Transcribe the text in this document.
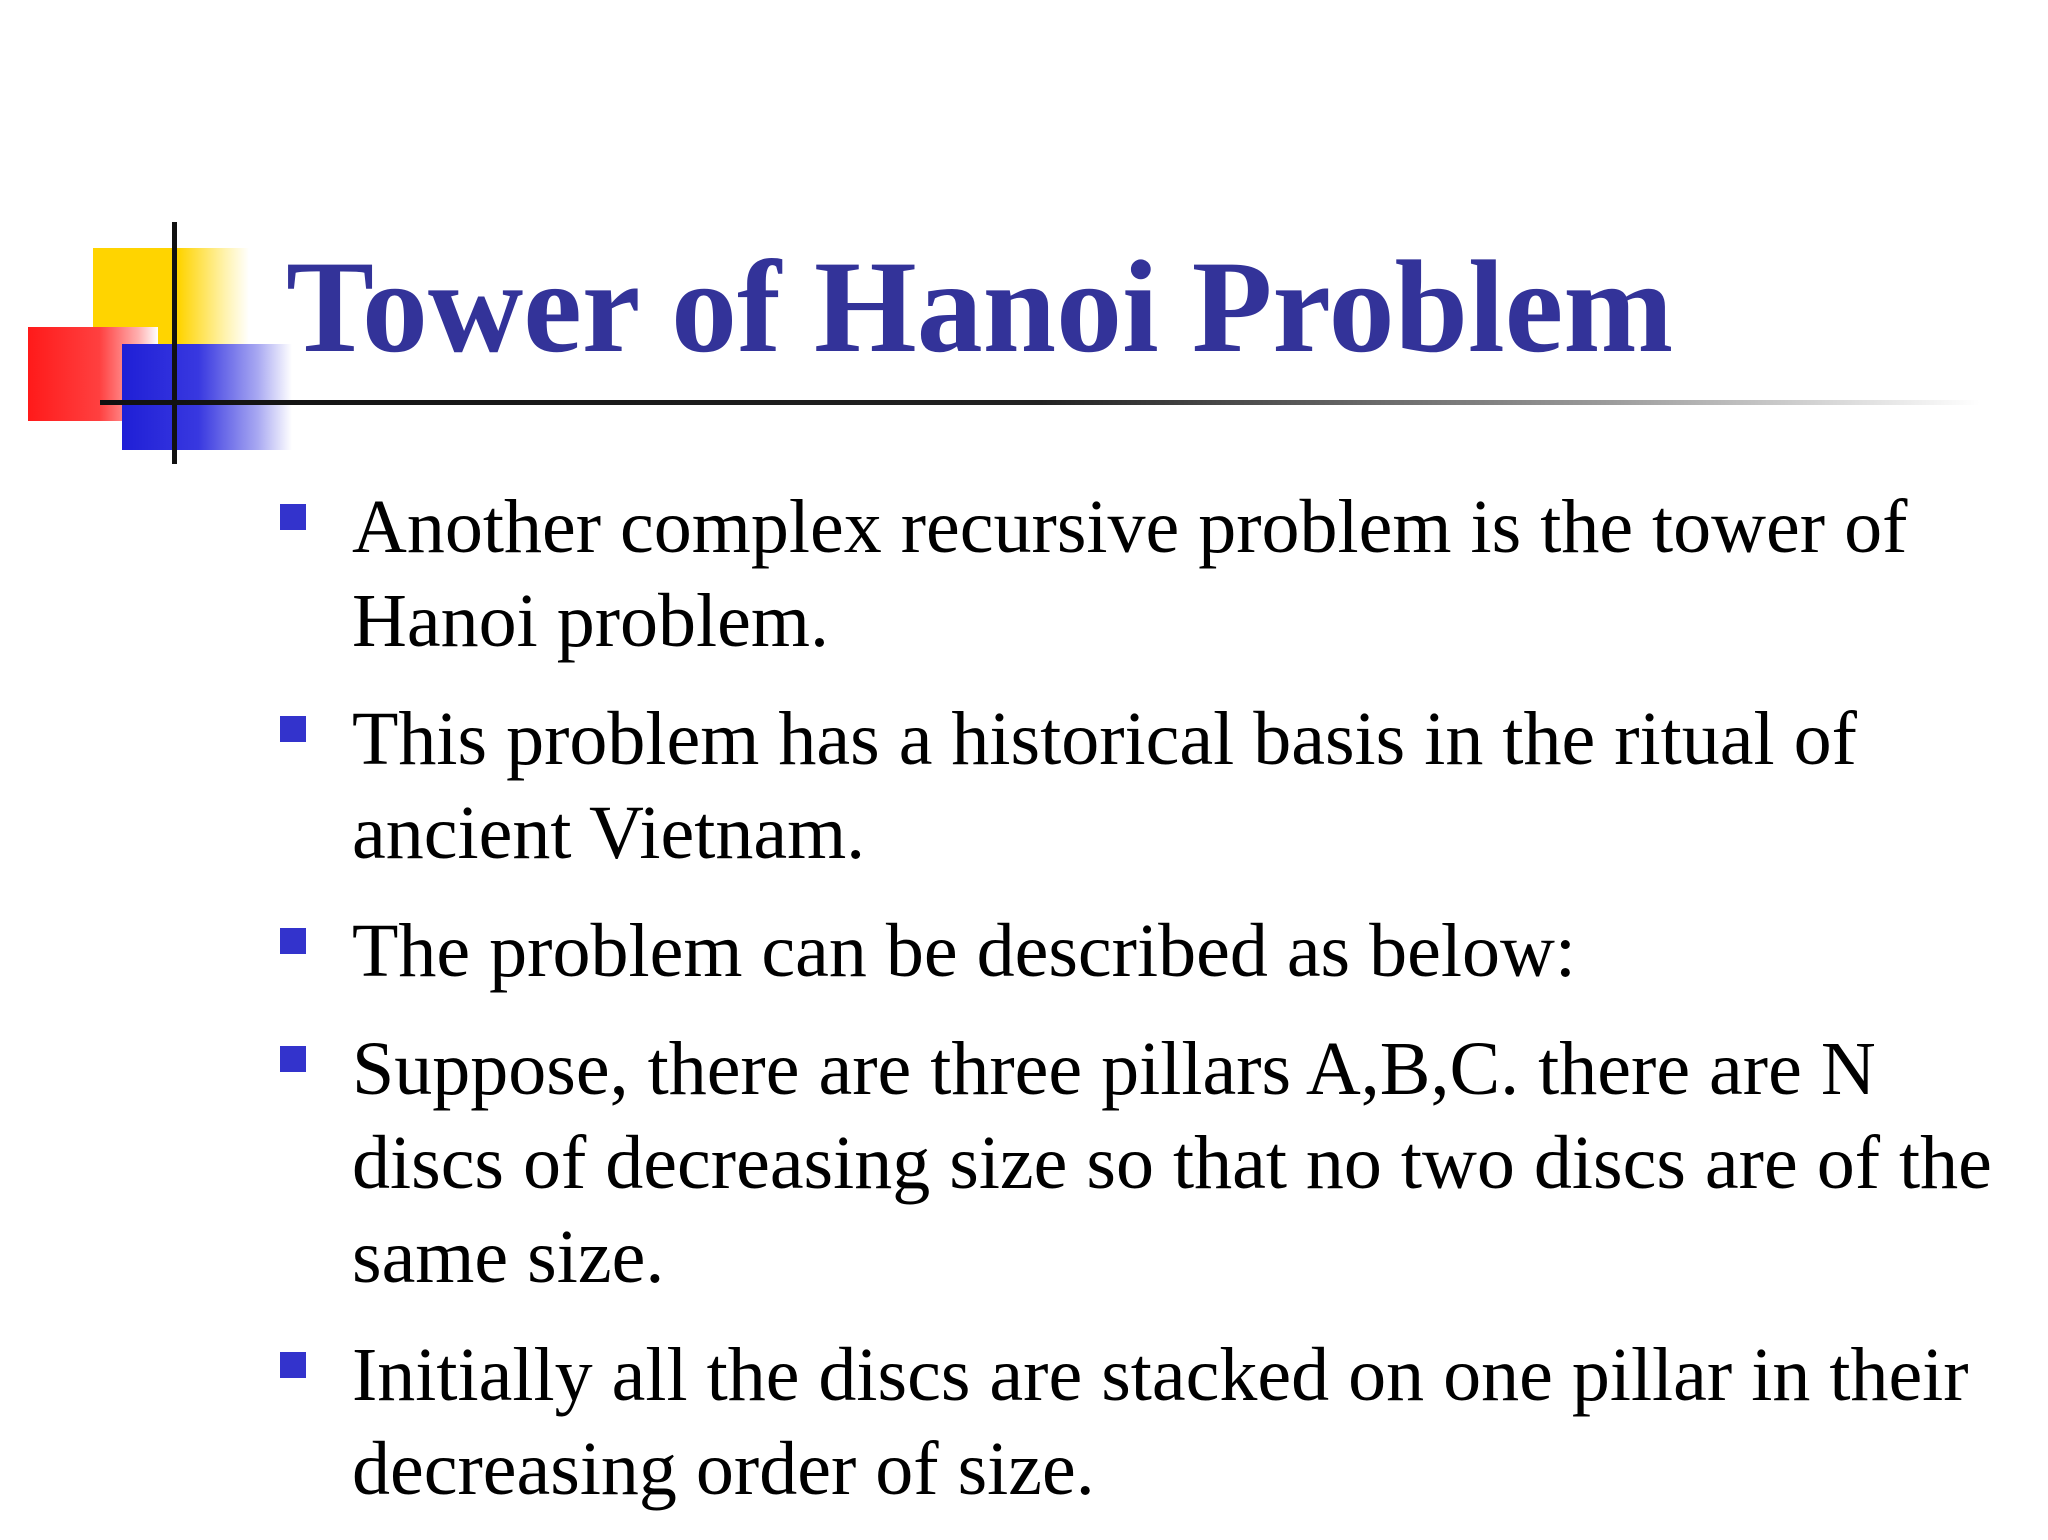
Tower of Hanoi Problem
Another complex recursive problem is the tower of Hanoi problem.
This problem has a historical basis in the ritual of ancient Vietnam.
The problem can be described as below:
Suppose, there are three pillars A,B,C. there are N discs of decreasing size so that no two discs are of the same size.
Initially all the discs are stacked on one pillar in their decreasing order of size.
